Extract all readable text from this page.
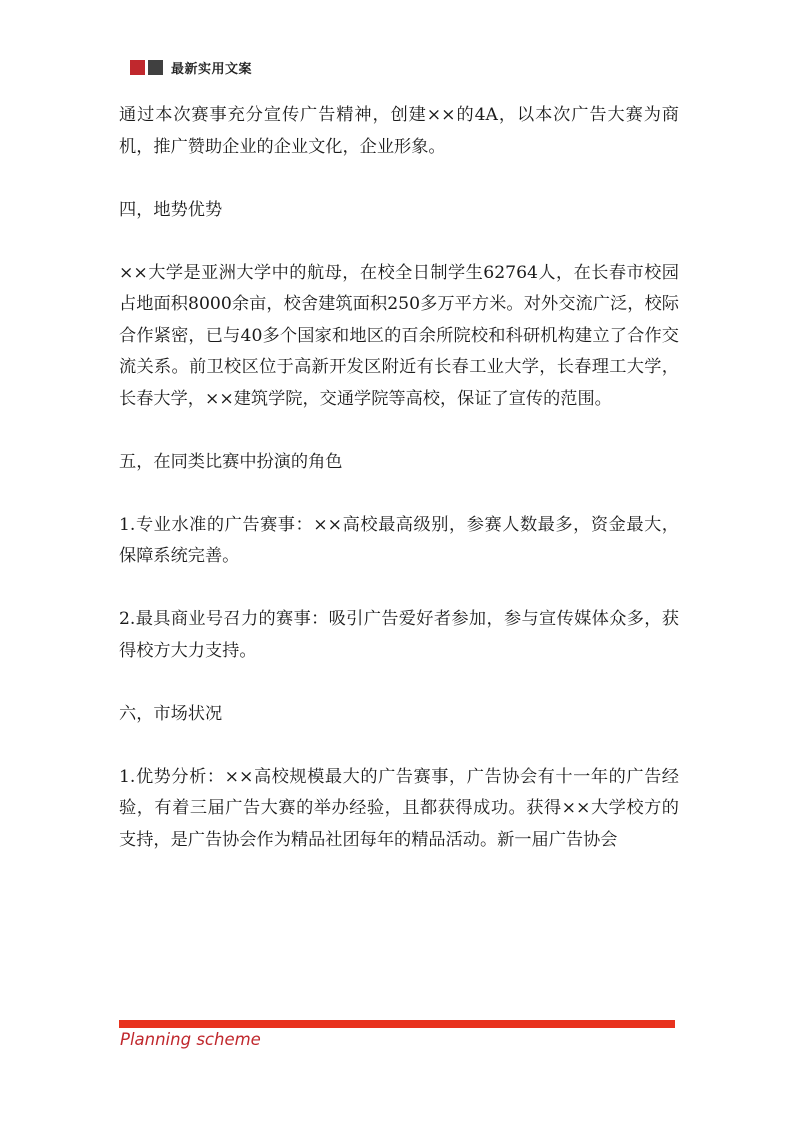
最新实用文案

通过本次赛事充分宣传广告精神，创建××的4A，以本次广告大赛为商机，推广赞助企业的企业文化，企业形象。

四，地势优势

××大学是亚洲大学中的航母，在校全日制学生62764人，在长春市校园占地面积8000余亩，校舍建筑面积250多万平方米。对外交流广泛，校际合作紧密，已与40多个国家和地区的百余所院校和科研机构建立了合作交流关系。前卫校区位于高新开发区附近有长春工业大学，长春理工大学，长春大学，××建筑学院，交通学院等高校，保证了宣传的范围。

五，在同类比赛中扮演的角色

1.专业水准的广告赛事：××高校最高级别，参赛人数最多，资金最大，保障系统完善。

2.最具商业号召力的赛事：吸引广告爱好者参加，参与宣传媒体众多，获得校方大力支持。

六，市场状况

1.优势分析：××高校规模最大的广告赛事，广告协会有十一年的广告经验，有着三届广告大赛的举办经验，且都获得成功。获得××大学校方的支持，是广告协会作为精品社团每年的精品活动。新一届广告协会

Planning scheme
